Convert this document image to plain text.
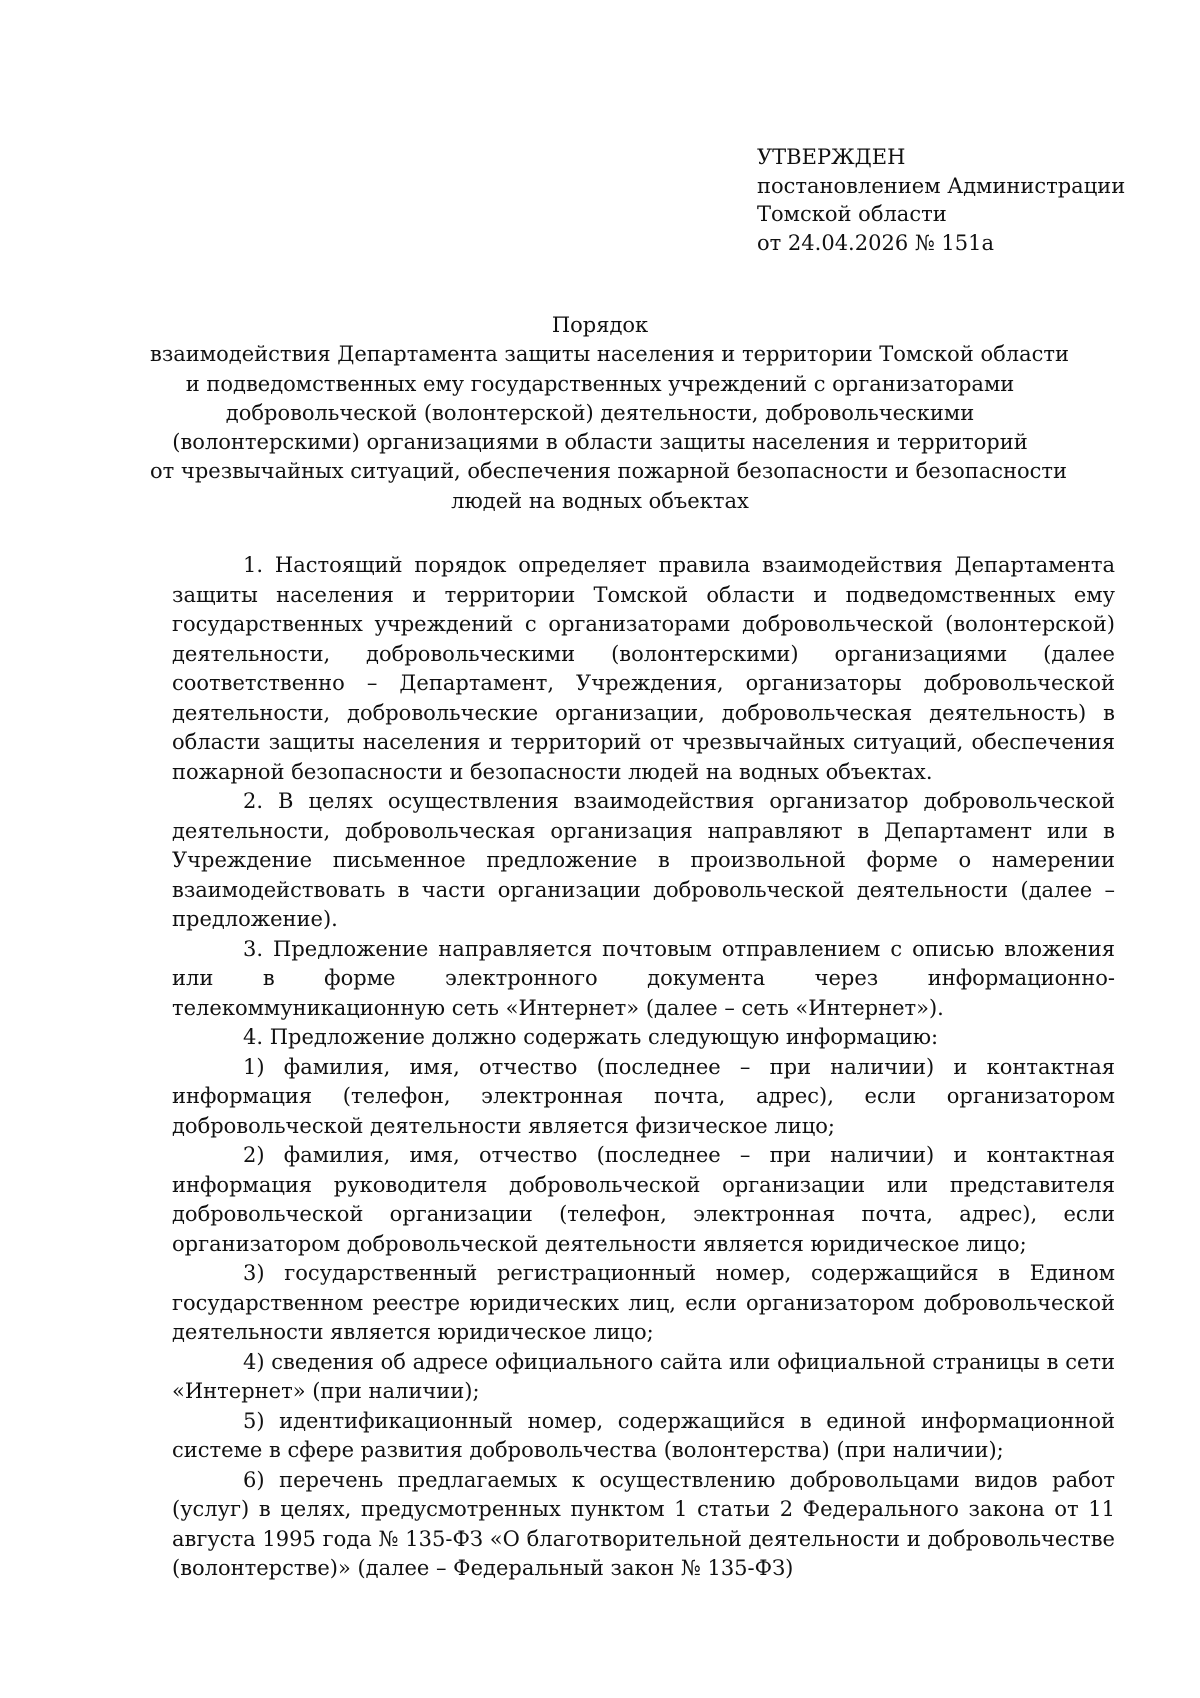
УТВЕРЖДЕН
постановлением Администрации
Томской области
от 24.04.2026 № 151а
Порядок
взаимодействия Департамента защиты населения и территории Томской области
и подведомственных ему государственных учреждений с организаторами
добровольческой (волонтерской) деятельности, добровольческими
(волонтерскими) организациями в области защиты населения и территорий
от чрезвычайных ситуаций, обеспечения пожарной безопасности и безопасности
людей на водных объектах

1. Настоящий порядок определяет правила взаимодействия Департамента защиты населения и территории Томской области и подведомственных ему государственных учреждений с организаторами добровольческой (волонтерской) деятельности, добровольческими (волонтерскими) организациями (далее соответственно – Департамент, Учреждения, организаторы добровольческой деятельности, добровольческие организации, добровольческая деятельность) в области защиты населения и территорий от чрезвычайных ситуаций, обеспечения пожарной безопасности и безопасности людей на водных объектах.

2. В целях осуществления взаимодействия организатор добровольческой деятельности, добровольческая организация направляют в Департамент или в Учреждение письменное предложение в произвольной форме о намерении взаимодействовать в части организации добровольческой деятельности (далее – предложение).

3. Предложение направляется почтовым отправлением с описью вложения или в форме электронного документа через информационно-телекоммуникационную сеть «Интернет» (далее – сеть «Интернет»).

4. Предложение должно содержать следующую информацию:

1) фамилия, имя, отчество (последнее – при наличии) и контактная информация (телефон, электронная почта, адрес), если организатором добровольческой деятельности является физическое лицо;

2) фамилия, имя, отчество (последнее – при наличии) и контактная информация руководителя добровольческой организации или представителя добровольческой организации (телефон, электронная почта, адрес), если организатором добровольческой деятельности является юридическое лицо;

3) государственный регистрационный номер, содержащийся в Едином государственном реестре юридических лиц, если организатором добровольческой деятельности является юридическое лицо;

4) сведения об адресе официального сайта или официальной страницы в сети «Интернет» (при наличии);

5) идентификационный номер, содержащийся в единой информационной системе в сфере развития добровольчества (волонтерства) (при наличии);

6) перечень предлагаемых к осуществлению добровольцами видов работ (услуг) в целях, предусмотренных пунктом 1 статьи 2 Федерального закона от 11 августа 1995 года № 135-ФЗ «О благотворительной деятельности и добровольчестве (волонтерстве)» (далее – Федеральный закон № 135-ФЗ)
